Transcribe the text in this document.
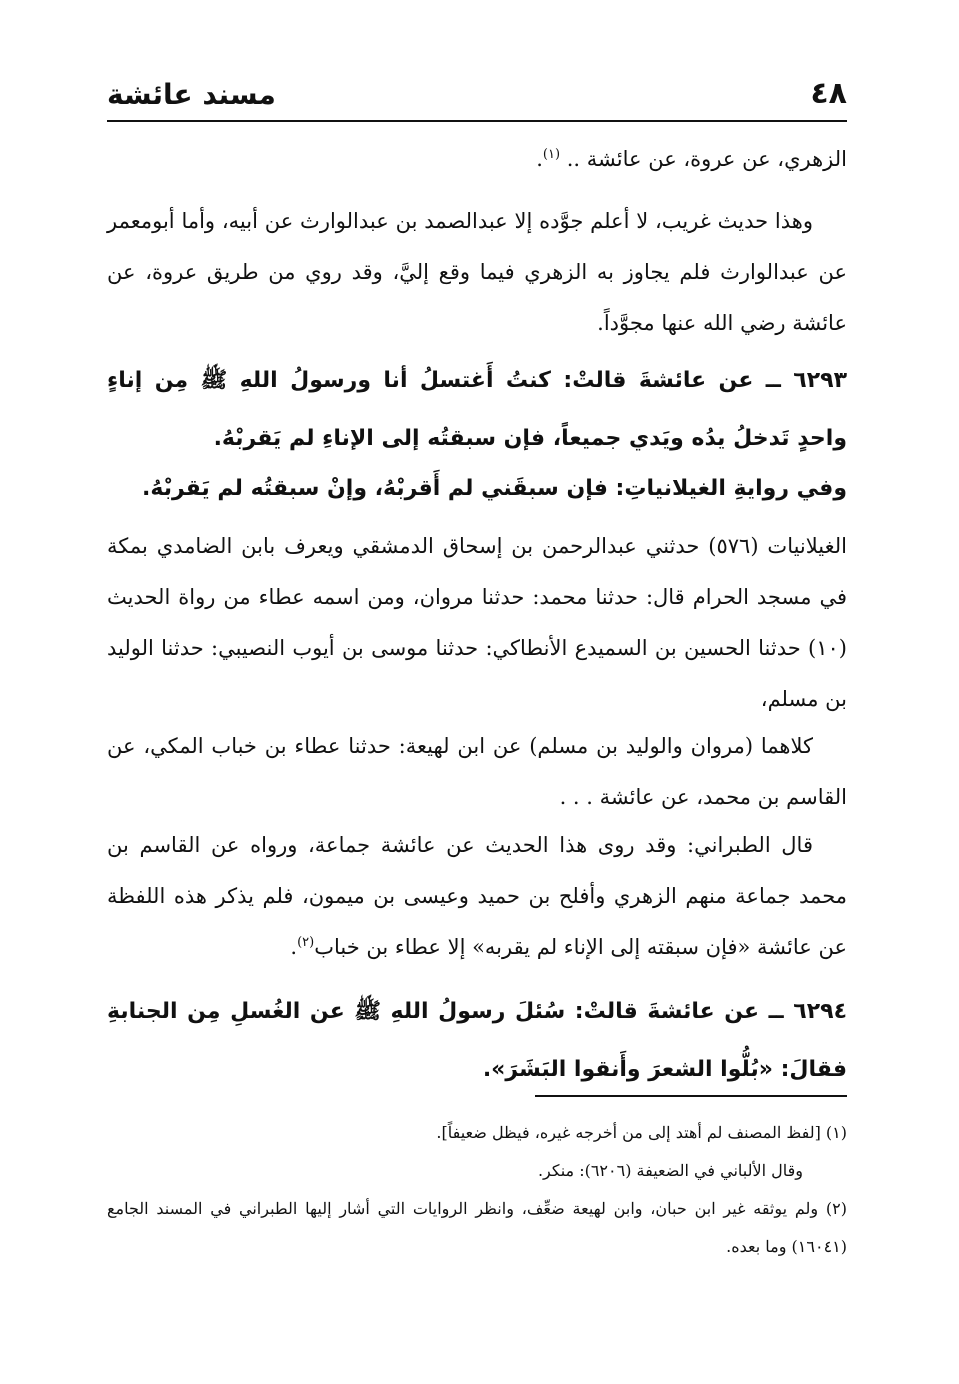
٤٨
مسند عائشة

الزهري، عن عروة، عن عائشة .. $^{(١)}$.

وهذا حديث غريب، لا أعلم جوَّده إلا عبدالصمد بن عبدالوارث عن أبيه، وأما أبومعمر عن عبدالوارث فلم يجاوز به الزهري فيما وقع إليَّ، وقد روي من طريق عروة، عن عائشة رضي الله عنها مجوَّداً.

٦٢٩٣ ــ عن عائشةَ قالتْ: كنتُ أَغتسلُ أنا ورسولُ اللهِ ﷺ مِن إناءٍ واحدٍ تَدخلُ يدُه ويَدي جميعاً، فإن سبقتُه إلى الإناءِ لم يَقربْهُ.

وفي روايةِ الغيلانياتِ: فإن سبقَني لم أَقربْهُ، وإنْ سبقتُه لم يَقربْهُ.

الغيلانيات (٥٧٦) حدثني عبدالرحمن بن إسحاق الدمشقي ويعرف بابن الضامدي بمكة في مسجد الحرام قال: حدثنا محمد: حدثنا مروان، ومن اسمه عطاء من رواة الحديث (١٠) حدثنا الحسين بن السميدع الأنطاكي: حدثنا موسى بن أيوب النصيبي: حدثنا الوليد بن مسلم،

كلاهما (مروان والوليد بن مسلم) عن ابن لهيعة: حدثنا عطاء بن خباب المكي، عن القاسم بن محمد، عن عائشة . . .

قال الطبراني: وقد روى هذا الحديث عن عائشة جماعة، ورواه عن القاسم بن محمد جماعة منهم الزهري وأفلح بن حميد وعيسى بن ميمون، فلم يذكر هذه اللفظة عن عائشة «فإن سبقته إلى الإناء لم يقربه» إلا عطاء بن خباب$^{(٢)}$.

٦٢٩٤ ــ عن عائشةَ قالتْ: سُئلَ رسولُ اللهِ ﷺ عن الغُسلِ مِن الجنابةِ فقالَ: «بُلُّوا الشعرَ وأَنقوا البَشَرَ».

(١) [لفظ المصنف لم أهتد إلى من أخرجه غيره، فيظل ضعيفاً].
وقال الألباني في الضعيفة (٦٢٠٦): منكر.
(٢) ولم يوثقه غير ابن حبان، وابن لهيعة ضعِّف، وانظر الروايات التي أشار إليها الطبراني في المسند الجامع (١٦٠٤١) وما بعده.
